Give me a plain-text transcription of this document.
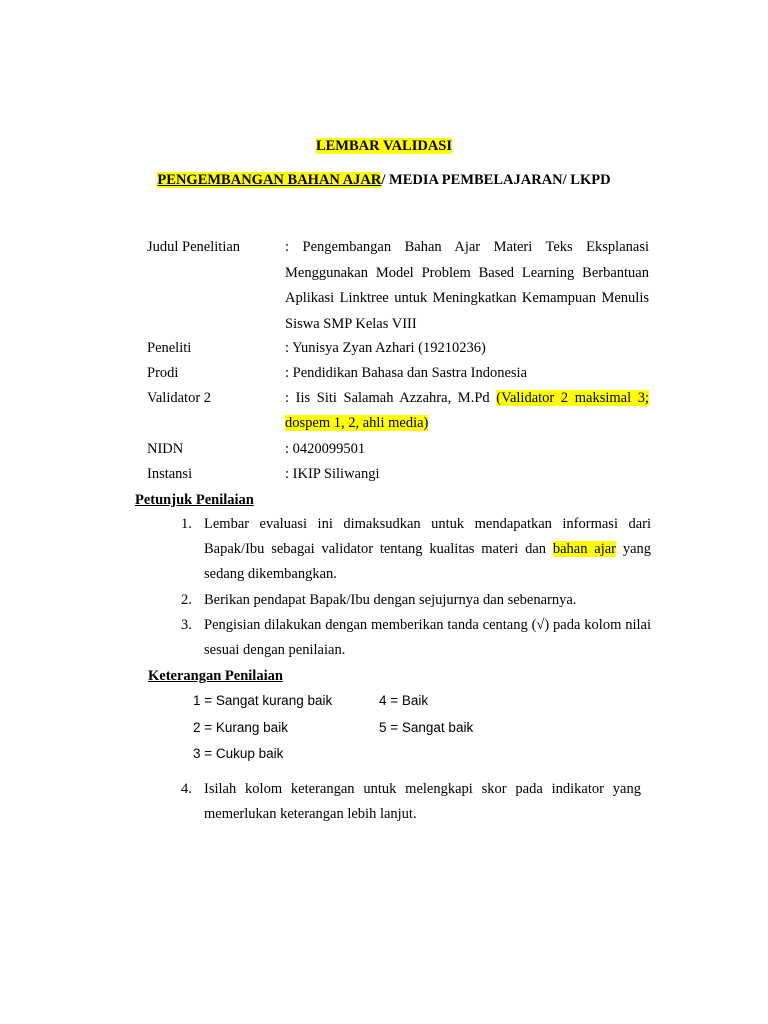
LEMBAR VALIDASI
PENGEMBANGAN BAHAN AJAR/ MEDIA PEMBELAJARAN/ LKPD
Judul Penelitian	: Pengembangan Bahan Ajar Materi Teks Eksplanasi Menggunakan Model Problem Based Learning Berbantuan Aplikasi Linktree untuk Meningkatkan Kemampuan Menulis Siswa SMP Kelas VIII
Peneliti	: Yunisya Zyan Azhari (19210236)
Prodi	: Pendidikan Bahasa dan Sastra Indonesia
Validator 2	: Iis Siti Salamah Azzahra, M.Pd (Validator 2 maksimal 3; dospem 1, 2, ahli media)
NIDN	: 0420099501
Instansi	: IKIP Siliwangi
Petunjuk Penilaian
1. Lembar evaluasi ini dimaksudkan untuk mendapatkan informasi dari Bapak/Ibu sebagai validator tentang kualitas materi dan bahan ajar yang sedang dikembangkan.
2. Berikan pendapat Bapak/Ibu dengan sejujurnya dan sebenarnya.
3. Pengisian dilakukan dengan memberikan tanda centang (√) pada kolom nilai sesuai dengan penilaian.
Keterangan Penilaian
1 = Sangat kurang baik	4 = Baik
2 = Kurang baik	5 = Sangat baik
3 = Cukup baik
4. Isilah kolom keterangan untuk melengkapi skor pada indikator yang memerlukan keterangan lebih lanjut.
